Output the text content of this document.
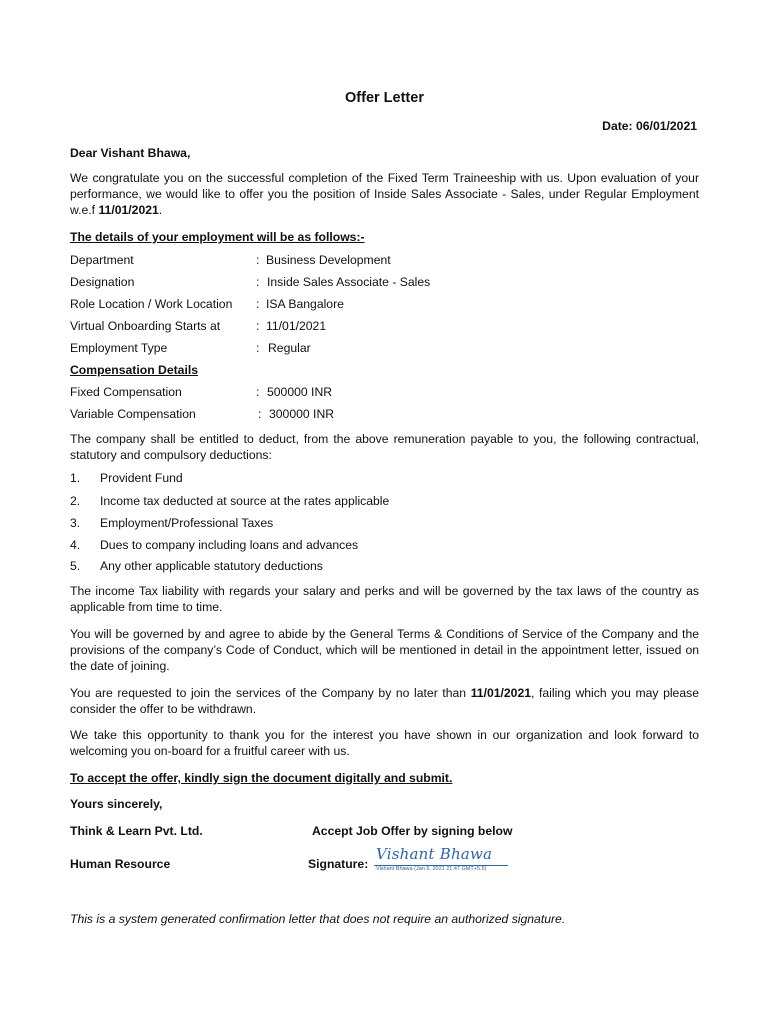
Offer Letter
Date: 06/01/2021
Dear Vishant Bhawa,
We congratulate you on the successful completion of the Fixed Term Traineeship with us. Upon evaluation of your performance, we would like to offer you the position of Inside Sales Associate - Sales, under Regular Employment w.e.f 11/01/2021.
The details of your employment will be as follows:-
Department	: Business Development
Designation	: Inside Sales Associate - Sales
Role Location / Work Location : ISA Bangalore
Virtual Onboarding Starts at	: 11/01/2021
Employment Type	: Regular
Compensation Details
Fixed Compensation	: 500000 INR
Variable Compensation	: 300000 INR
The company shall be entitled to deduct, from the above remuneration payable to you, the following contractual, statutory and compulsory deductions:
1. Provident Fund
2. Income tax deducted at source at the rates applicable
3. Employment/Professional Taxes
4. Dues to company including loans and advances
5. Any other applicable statutory deductions
The income Tax liability with regards your salary and perks and will be governed by the tax laws of the country as applicable from time to time.
You will be governed by and agree to abide by the General Terms & Conditions of Service of the Company and the provisions of the company’s Code of Conduct, which will be mentioned in detail in the appointment letter, issued on the date of joining.
You are requested to join the services of the Company by no later than 11/01/2021, failing which you may please consider the offer to be withdrawn.
We take this opportunity to thank you for the interest you have shown in our organization and look forward to welcoming you on-board for a fruitful career with us.
To accept the offer, kindly sign the document digitally and submit.
Yours sincerely,
Think & Learn Pvt. Ltd.	Accept Job Offer by signing below
Human Resource	Signature:
Vishant Bhawa
Vishant Bhawa (Jan 6, 2021 21:47 GMT+5.5)
This is a system generated confirmation letter that does not require an authorized signature.
